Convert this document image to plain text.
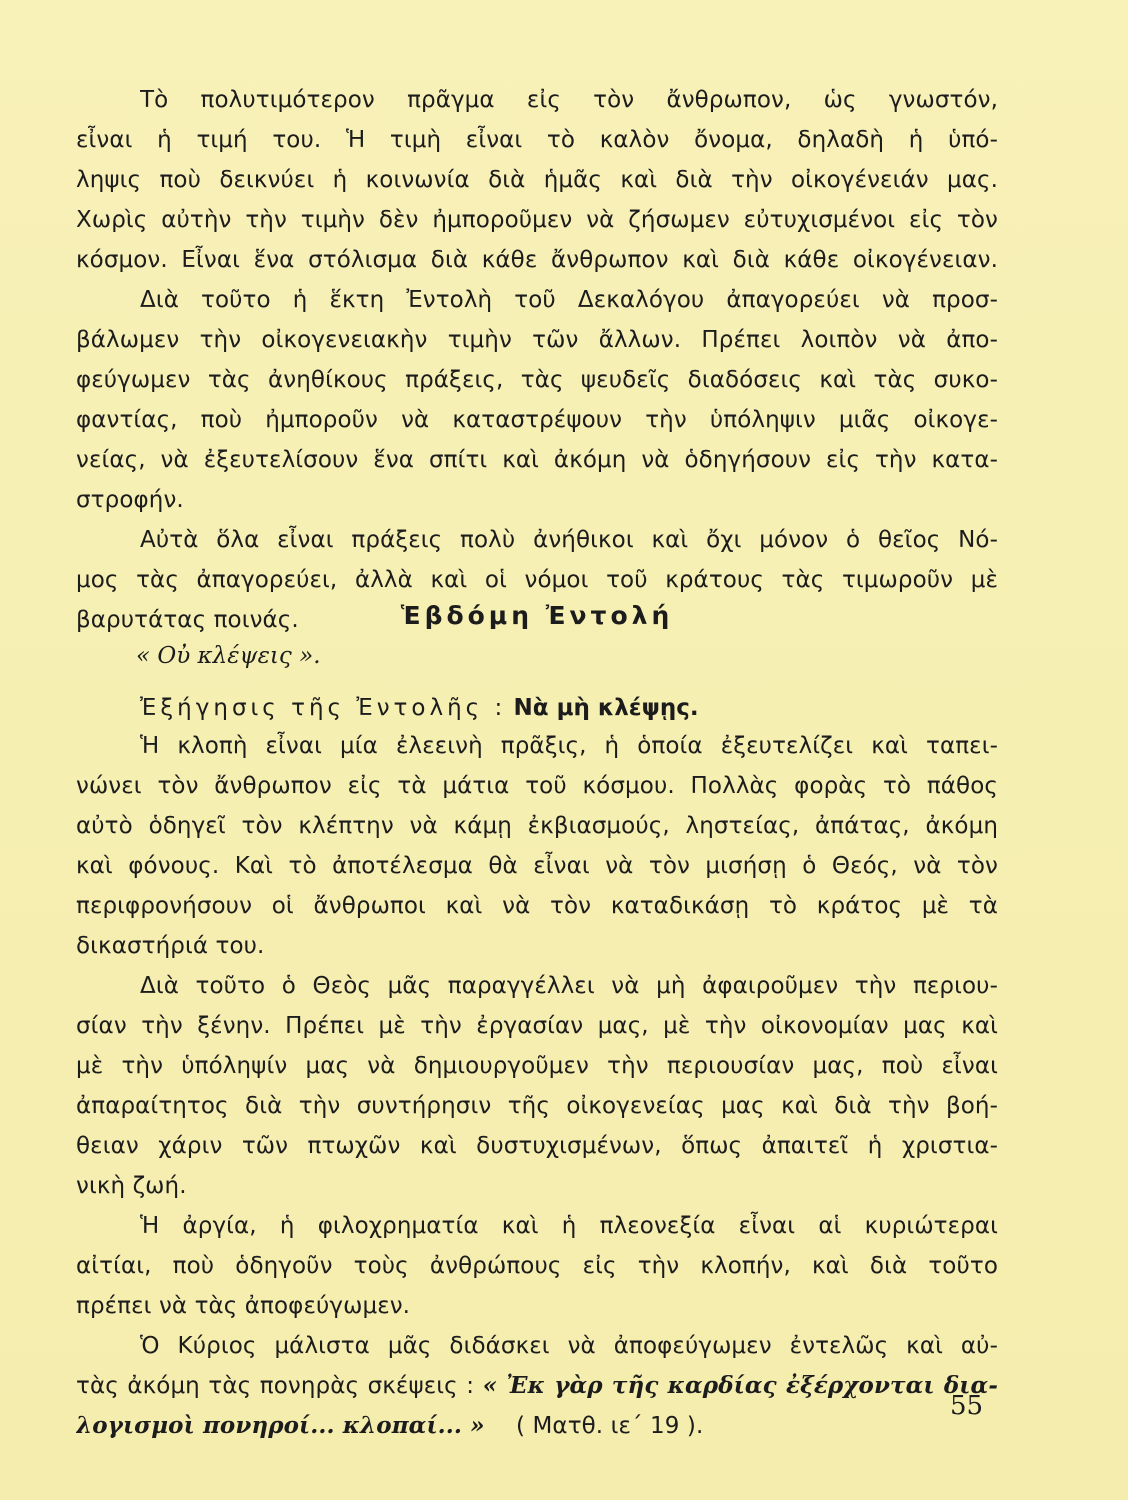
Τὸ πολυτιμότερον πρᾶγμα εἰς τὸν ἄνθρωπον, ὡς γνωστόν,
εἶναι ἡ τιμή του. Ἡ τιμὴ εἶναι τὸ καλὸν ὄνομα, δηλαδὴ ἡ ὑπό-
ληψις ποὺ δεικνύει ἡ κοινωνία διὰ ἡμᾶς καὶ διὰ τὴν οἰκογένειάν μας.
Χωρὶς αὐτὴν τὴν τιμὴν δὲν ἠμποροῦμεν νὰ ζήσωμεν εὐτυχισμένοι εἰς τὸν
κόσμον. Εἶναι ἕνα στόλισμα διὰ κάθε ἄνθρωπον καὶ διὰ κάθε οἰκογένειαν.
Διὰ τοῦτο ἡ ἕκτη Ἐντολὴ τοῦ Δεκαλόγου ἀπαγορεύει νὰ προσ-
βάλωμεν τὴν οἰκογενειακὴν τιμὴν τῶν ἄλλων. Πρέπει λοιπὸν νὰ ἀπο-
φεύγωμεν τὰς ἀνηθίκους πράξεις, τὰς ψευδεῖς διαδόσεις καὶ τὰς συκο-
φαντίας, ποὺ ἠμποροῦν νὰ καταστρέψουν τὴν ὑπόληψιν μιᾶς οἰκογε-
νείας, νὰ ἐξευτελίσουν ἕνα σπίτι καὶ ἀκόμη νὰ ὁδηγήσουν εἰς τὴν κατα-
στροφήν.
Αὐτὰ ὅλα εἶναι πράξεις πολὺ ἀνήθικοι καὶ ὄχι μόνον ὁ θεῖος Νό-
μος τὰς ἀπαγορεύει, ἀλλὰ καὶ οἱ νόμοι τοῦ κράτους τὰς τιμωροῦν μὲ
βαρυτάτας ποινάς.	Ἑβδόμη Ἐντολή
« Οὐ κλέψεις ».
Ἐξήγησις τῆς Ἐντολῆς : Νὰ μὴ κλέψῃς.
Ἡ κλοπὴ εἶναι μία ἐλεεινὴ πρᾶξις, ἡ ὁποία ἐξευτελίζει καὶ ταπει-
νώνει τὸν ἄνθρωπον εἰς τὰ μάτια τοῦ κόσμου. Πολλὰς φορὰς τὸ πάθος
αὐτὸ ὁδηγεῖ τὸν κλέπτην νὰ κάμῃ ἐκβιασμούς, ληστείας, ἀπάτας, ἀκόμη
καὶ φόνους. Καὶ τὸ ἀποτέλεσμα θὰ εἶναι νὰ τὸν μισήσῃ ὁ Θεός, νὰ τὸν
περιφρονήσουν οἱ ἄνθρωποι καὶ νὰ τὸν καταδικάσῃ τὸ κράτος μὲ τὰ
δικαστήριά του.
Διὰ τοῦτο ὁ Θεὸς μᾶς παραγγέλλει νὰ μὴ ἀφαιροῦμεν τὴν περιου-
σίαν τὴν ξένην. Πρέπει μὲ τὴν ἐργασίαν μας, μὲ τὴν οἰκονομίαν μας καὶ
μὲ τὴν ὑπόληψίν μας νὰ δημιουργοῦμεν τὴν περιουσίαν μας, ποὺ εἶναι
ἀπαραίτητος διὰ τὴν συντήρησιν τῆς οἰκογενείας μας καὶ διὰ τὴν βοή-
θειαν χάριν τῶν πτωχῶν καὶ δυστυχισμένων, ὅπως ἀπαιτεῖ ἡ χριστια-
νικὴ ζωή.
Ἡ ἀργία, ἡ φιλοχρηματία καὶ ἡ πλεονεξία εἶναι αἱ κυριώτεραι
αἰτίαι, ποὺ ὁδηγοῦν τοὺς ἀνθρώπους εἰς τὴν κλοπήν, καὶ διὰ τοῦτο
πρέπει νὰ τὰς ἀποφεύγωμεν.
Ὁ Κύριος μάλιστα μᾶς διδάσκει νὰ ἀποφεύγωμεν ἐντελῶς καὶ αὐ-
τὰς ἀκόμη τὰς πονηρὰς σκέψεις : « Ἐκ γὰρ τῆς καρδίας ἐξέρχονται δια-
λογισμοὶ πονηροί... κλοπαί... » ( Ματθ. ιε΄ 19 ).
55
